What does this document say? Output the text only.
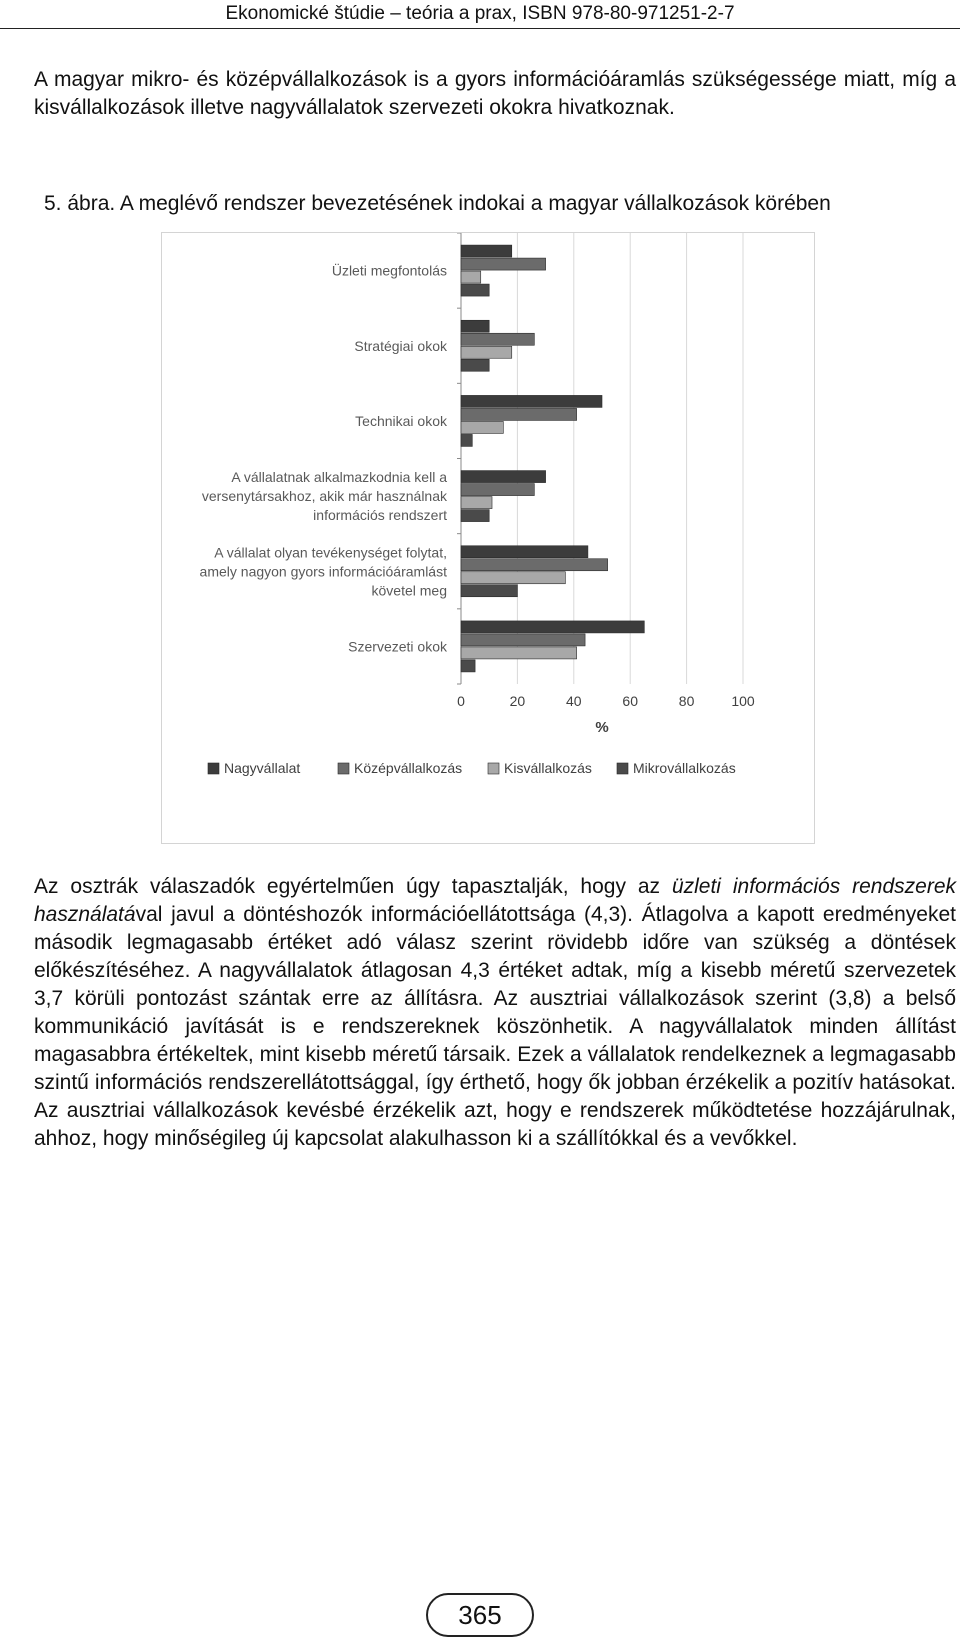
Ekonomické štúdie – teória a prax, ISBN 978-80-971251-2-7

A magyar mikro- és középvállalkozások is a gyors információáramlás szükségessége miatt, míg a kisvállalkozások illetve nagyvállalatok szervezeti okokra hivatkoznak.

5. ábra. A meglévő rendszer bevezetésének indokai a magyar vállalkozások körében
Üzleti megfontolás
Stratégiai okok
Technikai okok
A vállalatnak alkalmazkodnia kell a
versenytársakhoz, akik már használnak
információs rendszert
A vállalat olyan tevékenységet folytat,
amely nagyon gyors információáramlást
követel meg
Szervezeti okok
0	20	40	60	80	100
%
Nagyvállalat	Középvállalkozás	Kisvállalkozás	Mikrovállalkozás

Az osztrák válaszadók egyértelműen úgy tapasztalják, hogy az üzleti információs rendszerek használatával javul a döntéshozók információellátottsága (4,3). Átlagolva a kapott eredményeket második legmagasabb értéket adó válasz szerint rövidebb időre van szükség a döntések előkészítéséhez. A nagyvállalatok átlagosan 4,3 értéket adtak, míg a kisebb méretű szervezetek 3,7 körüli pontozást szántak erre az állításra. Az ausztriai vállalkozások szerint (3,8) a belső kommunikáció javítását is e rendszereknek köszönhetik. A nagyvállalatok minden állítást magasabbra értékeltek, mint kisebb méretű társaik. Ezek a vállalatok rendelkeznek a legmagasabb szintű információs rendszerellátottsággal, így érthető, hogy ők jobban érzékelik a pozitív hatásokat. Az ausztriai vállalkozások kevésbé érzékelik azt, hogy e rendszerek működtetése hozzájárulnak, ahhoz, hogy minőségileg új kapcsolat alakulhasson ki a szállítókkal és a vevőkkel.

365
